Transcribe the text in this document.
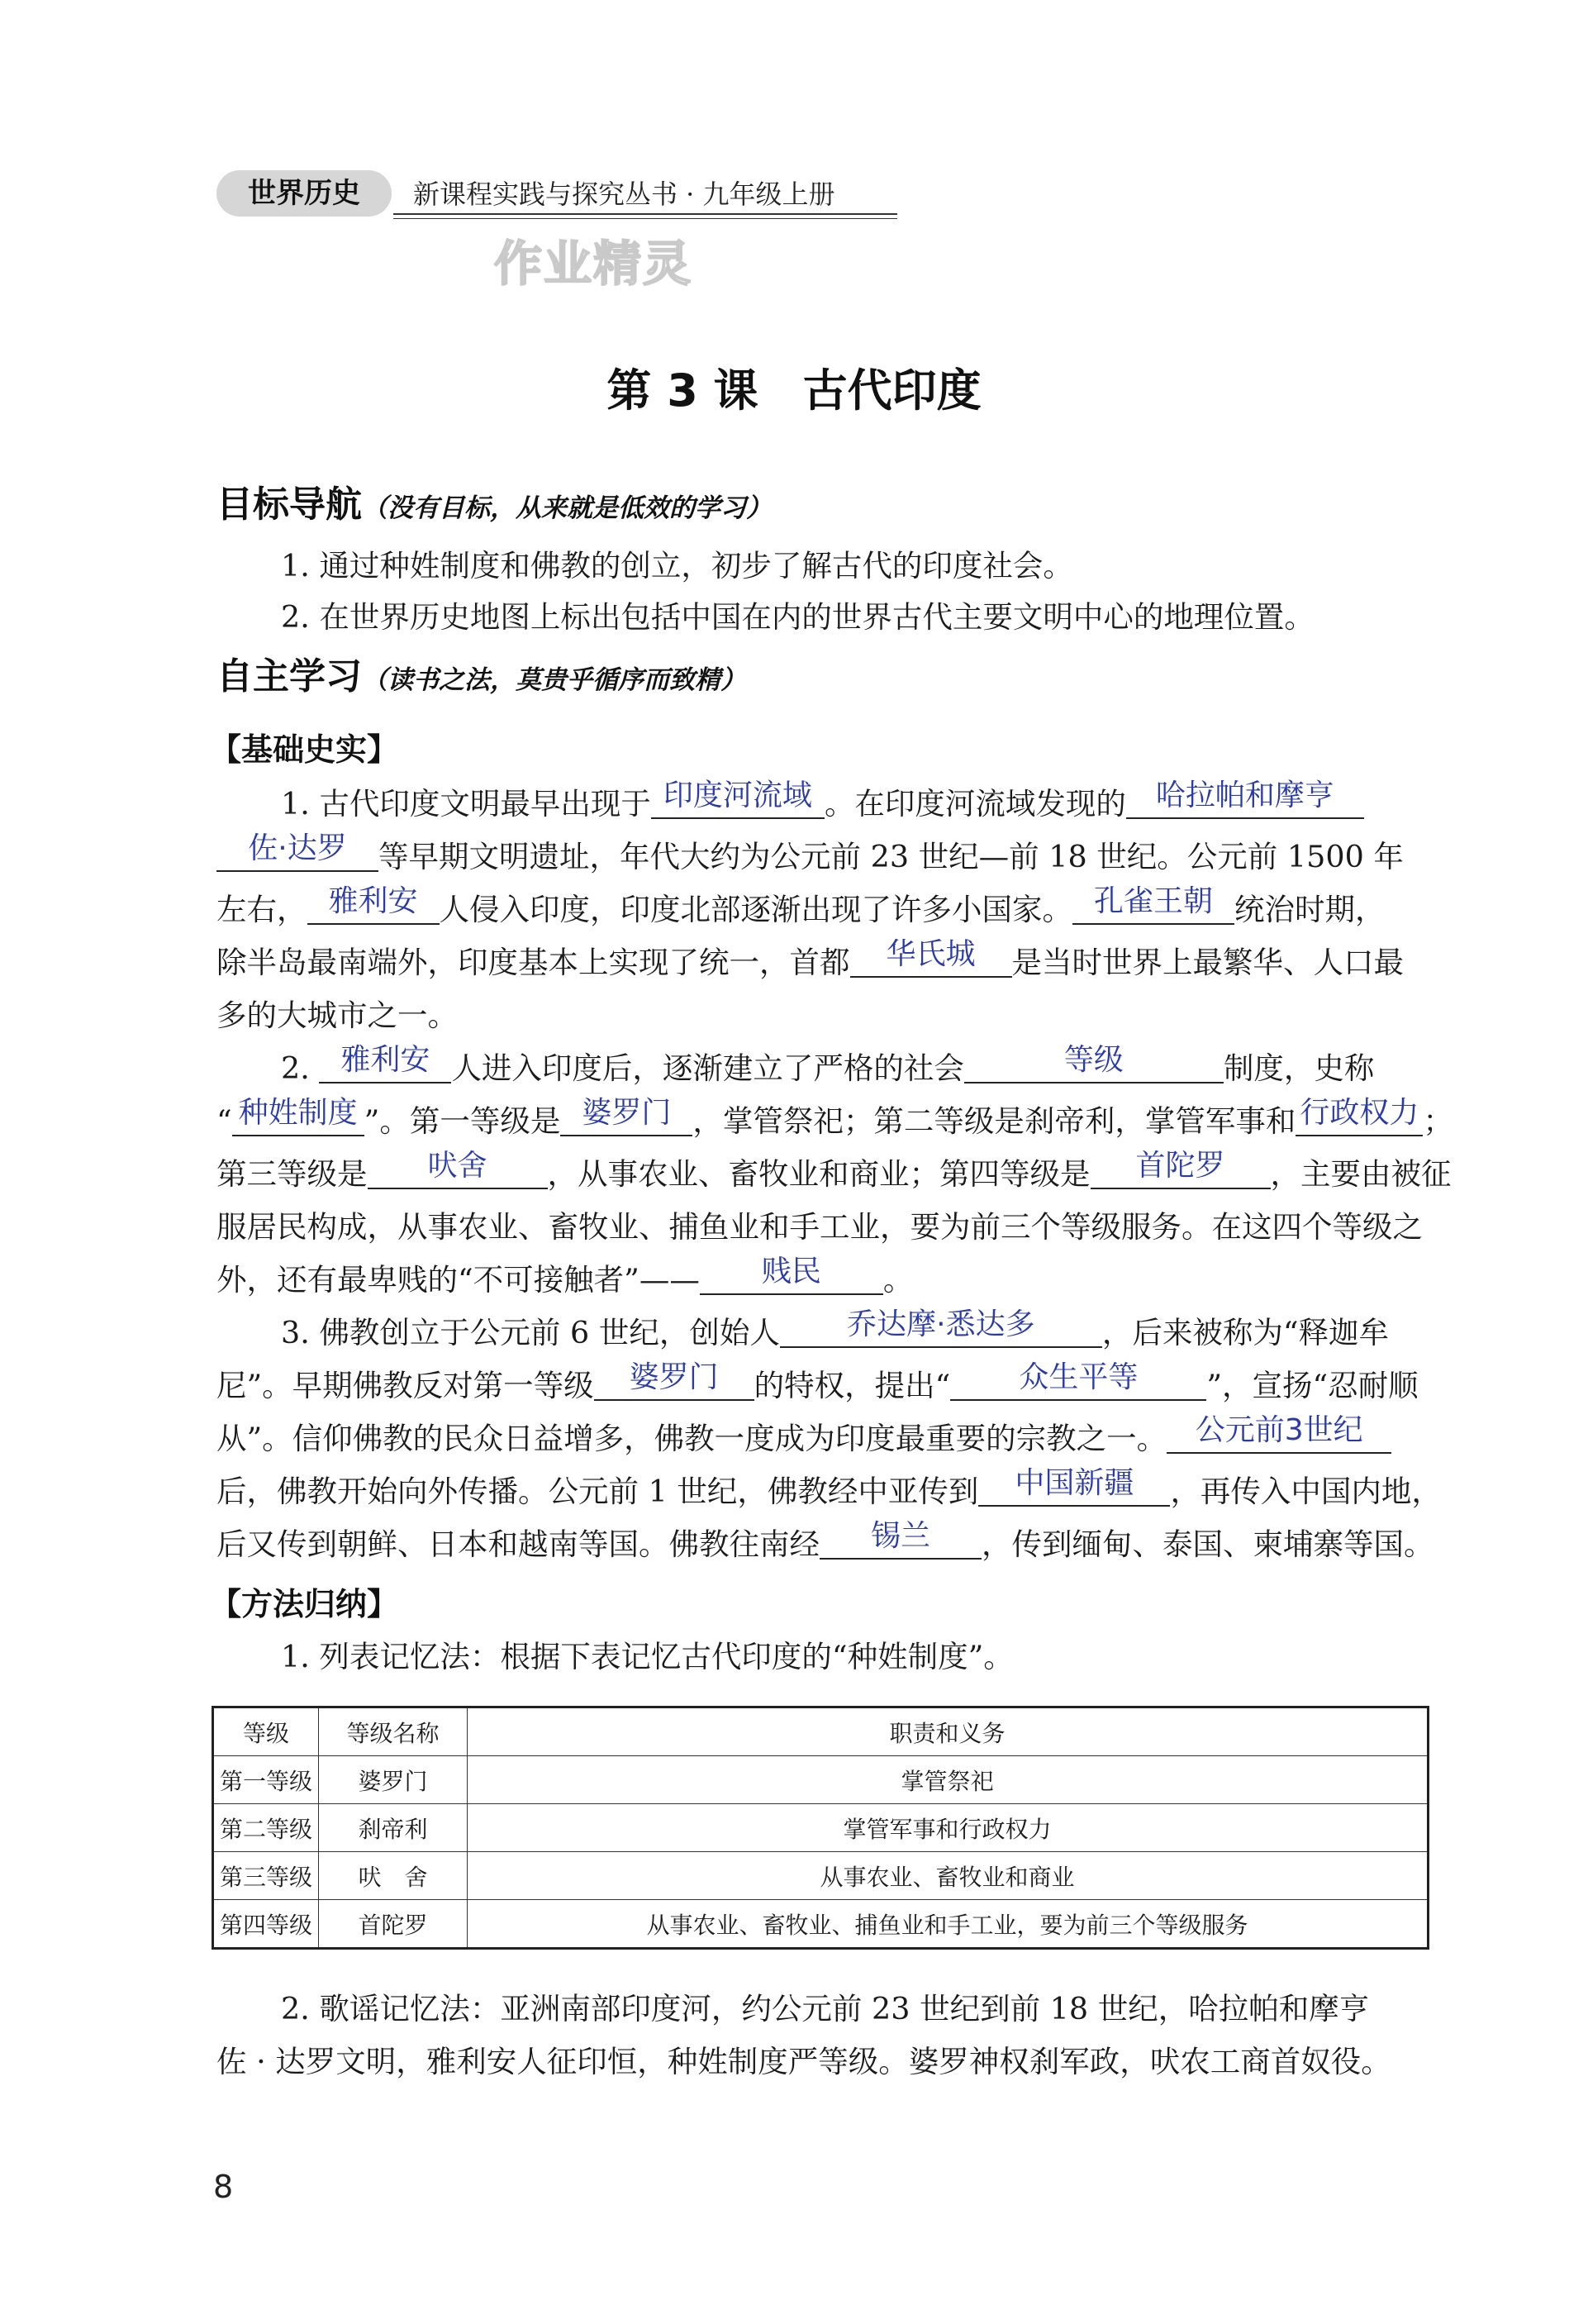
世界历史	新课程实践与探究丛书 · 九年级上册
作业精灵
第 3 课　古代印度
目标导航（没有目标，从来就是低效的学习）
1. 通过种姓制度和佛教的创立，初步了解古代的印度社会。
2. 在世界历史地图上标出包括中国在内的世界古代主要文明中心的地理位置。
自主学习（读书之法，莫贵乎循序而致精）
【基础史实】
1. 古代印度文明最早出现于 印度河流域 。在印度河流域发现的 哈拉帕和摩亨
佐·达罗	等早期文明遗址，年代大约为公元前 23 世纪—前 18 世纪。公元前 1500 年
左右， 雅利安 人侵入印度，印度北部逐渐出现了许多小国家。 孔雀王朝 统治时期，
除半岛最南端外，印度基本上实现了统一，首都	华氏城	是当时世界上最繁华、人口最
多的大城市之一。
2. 雅利安 人进入印度后，逐渐建立了严格的社会	等级	制度，史称
“ 种姓制度 ”。第一等级是 婆罗门 ，掌管祭祀；第二等级是刹帝利，掌管军事和 行政权力 ；
第三等级是	吠舍	，从事农业、畜牧业和商业；第四等级是	首陀罗	，主要由被征
服居民构成，从事农业、畜牧业、捕鱼业和手工业，要为前三个等级服务。在这四个等级之
外，还有最卑贱的“不可接触者”——	贱民	。
3. 佛教创立于公元前 6 世纪，创始人	乔达摩·悉达多	，后来被称为“释迦牟
尼”。早期佛教反对第一等级	婆罗门	的特权，提出“	众生平等	”，宣扬“忍耐顺
从”。信仰佛教的民众日益增多，佛教一度成为印度最重要的宗教之一。 公元前3世纪
后，佛教开始向外传播。公元前 1 世纪，佛教经中亚传到	中国新疆	，再传入中国内地，
后又传到朝鲜、日本和越南等国。佛教往南经	锡兰	，传到缅甸、泰国、柬埔寨等国。
【方法归纳】
1. 列表记忆法：根据下表记忆古代印度的“种姓制度”。
等级	等级名称	职责和义务
第一等级	婆罗门	掌管祭祀
第二等级	刹帝利	掌管军事和行政权力
第三等级	吠　舍	从事农业、畜牧业和商业
第四等级	首陀罗	从事农业、畜牧业、捕鱼业和手工业，要为前三个等级服务
2. 歌谣记忆法：亚洲南部印度河，约公元前 23 世纪到前 18 世纪，哈拉帕和摩亨
佐 · 达罗文明，雅利安人征印恒，种姓制度严等级。婆罗神权刹军政，吠农工商首奴役。
8
